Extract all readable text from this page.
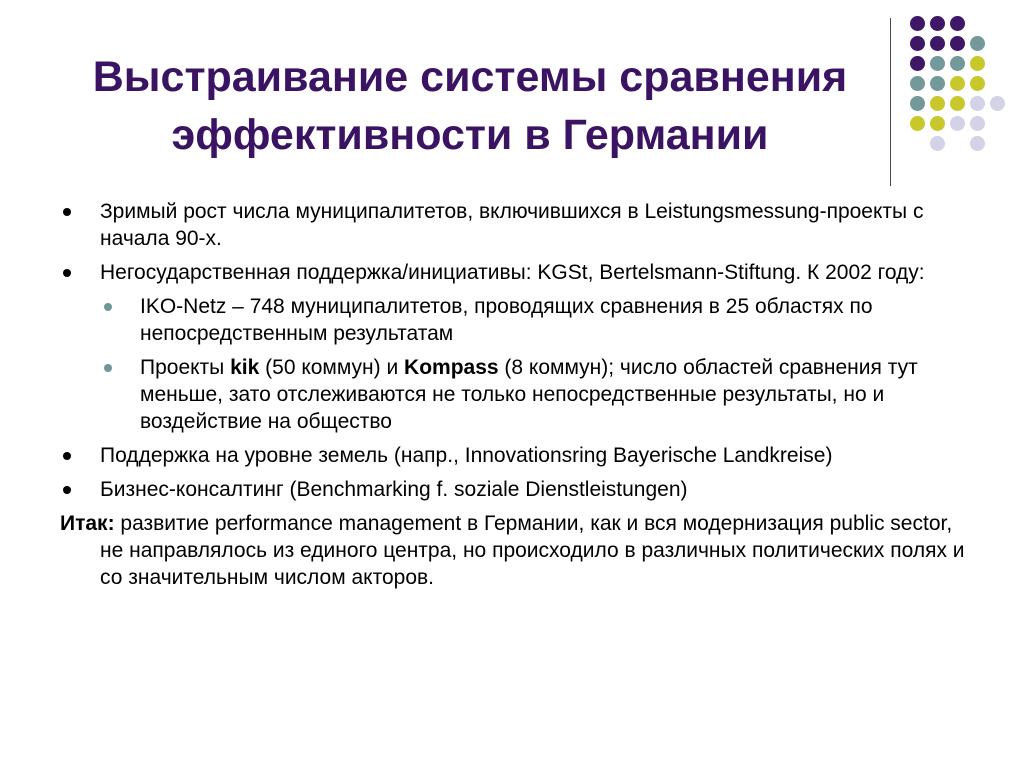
Выстраивание системы сравнения эффективности в Германии
Зримый рост числа муниципалитетов, включившихся в Leistungsmessung-проекты с начала 90-х.
Негосударственная поддержка/инициативы: KGSt, Bertelsmann-Stiftung. К 2002 году:
IKO-Netz – 748 муниципалитетов, проводящих сравнения в 25 областях по непосредственным результатам
Проекты kik (50 коммун) и Kompass (8 коммун); число областей сравнения тут меньше, зато отслеживаются не только непосредственные результаты, но и воздействие на общество
Поддержка на уровне земель (напр., Innovationsring Bayerische Landkreise)
Бизнес-консалтинг (Benchmarking f. soziale Dienstleistungen)
Итак: развитие performance management в Германии, как и вся модернизация public sector, не направлялось из единого центра, но происходило в различных политических полях и со значительным числом акторов.
